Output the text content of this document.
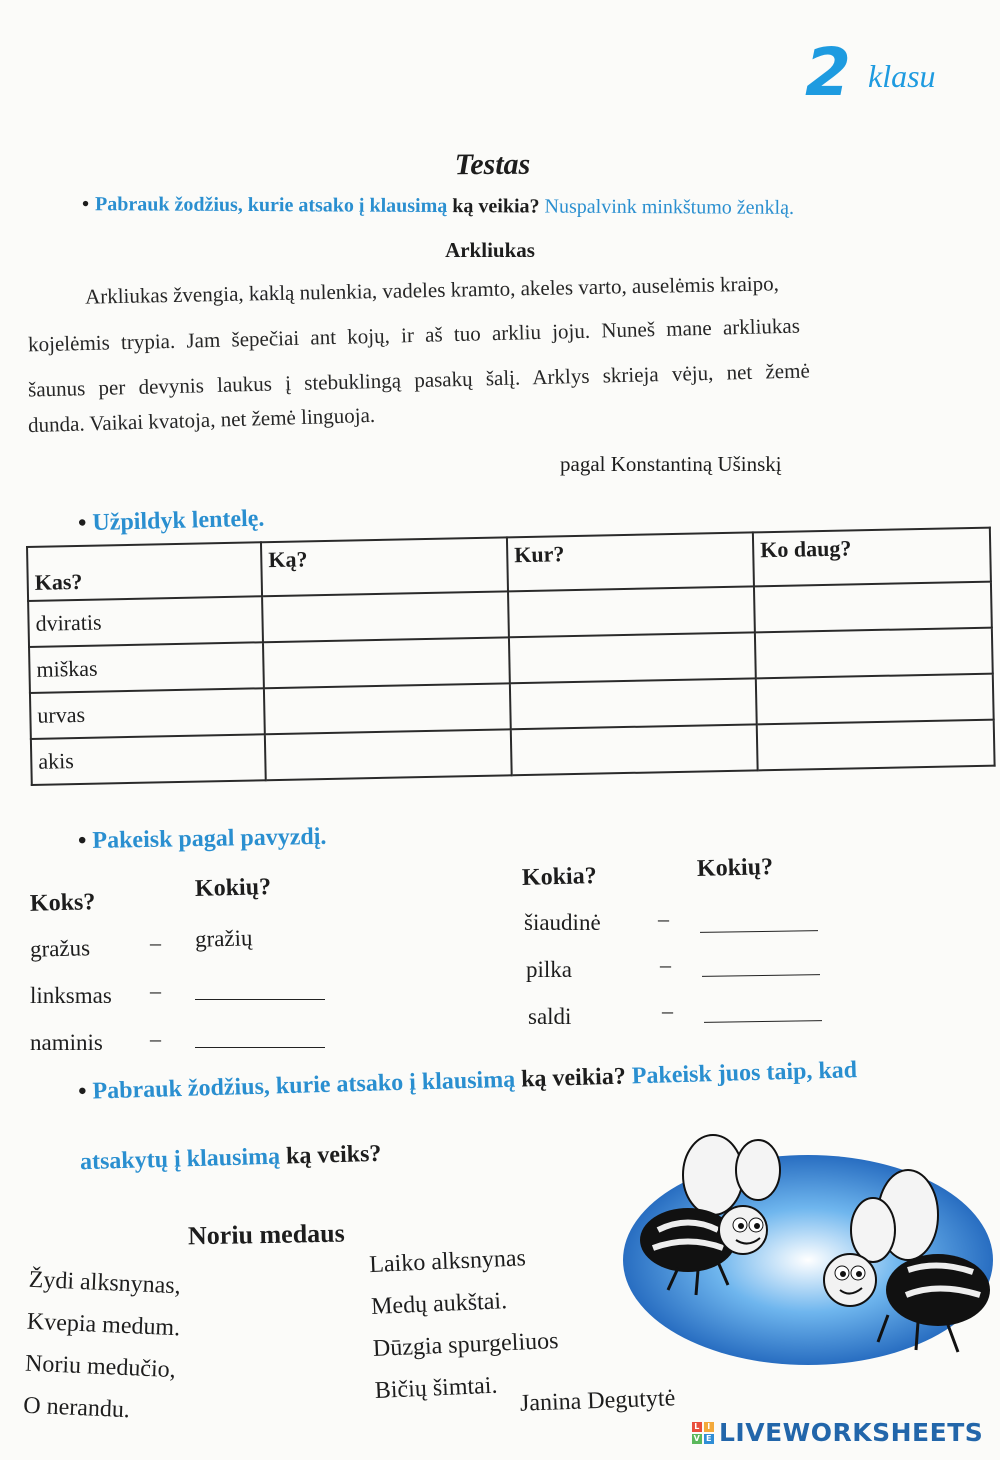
2 klasu
Testas
• Pabrauk žodžius, kurie atsako į klausimą ką veikia? Nuspalvink minkštumo ženklą.
Arkliukas
Arkliukas žvengia, kaklą nulenkia, vadeles kramto, akeles varto, auselėmis kraipo,
kojelėmis trypia. Jam šepečiai ant kojų, ir aš tuo arkliu joju. Nuneš mane arkliukas
šaunus per devynis laukus į stebuklingą pasakų šalį. Arklys skrieja vėju, net žemė
dunda. Vaikai kvatoja, net žemė linguoja.
pagal Konstantiną Ušinskį
• Užpildyk lentelę.
Kas?	Ką?	Kur?	Ko daug?
dviratis			
miškas			
urvas			
akis			
• Pakeisk pagal pavyzdį.
Koks?
Kokių?
gražus	– gražių
linksmas –
naminis –
Kokia?	Kokių?
šiaudinė	–
pilka	–
saldi	–
• Pabrauk žodžius, kurie atsako į klausimą ką veikia? Pakeisk juos taip, kad
atsakytų į klausimą ką veiks?
Noriu medaus
Žydi alksnynas,
Kvepia medum.
Noriu medučio,
O nerandu.
Laiko alksnynas
Medų aukštai.
Dūzgia spurgeliuos
Bičių šimtai. Janina Degutytė
L I
V E LIVEWORKSHEETS
